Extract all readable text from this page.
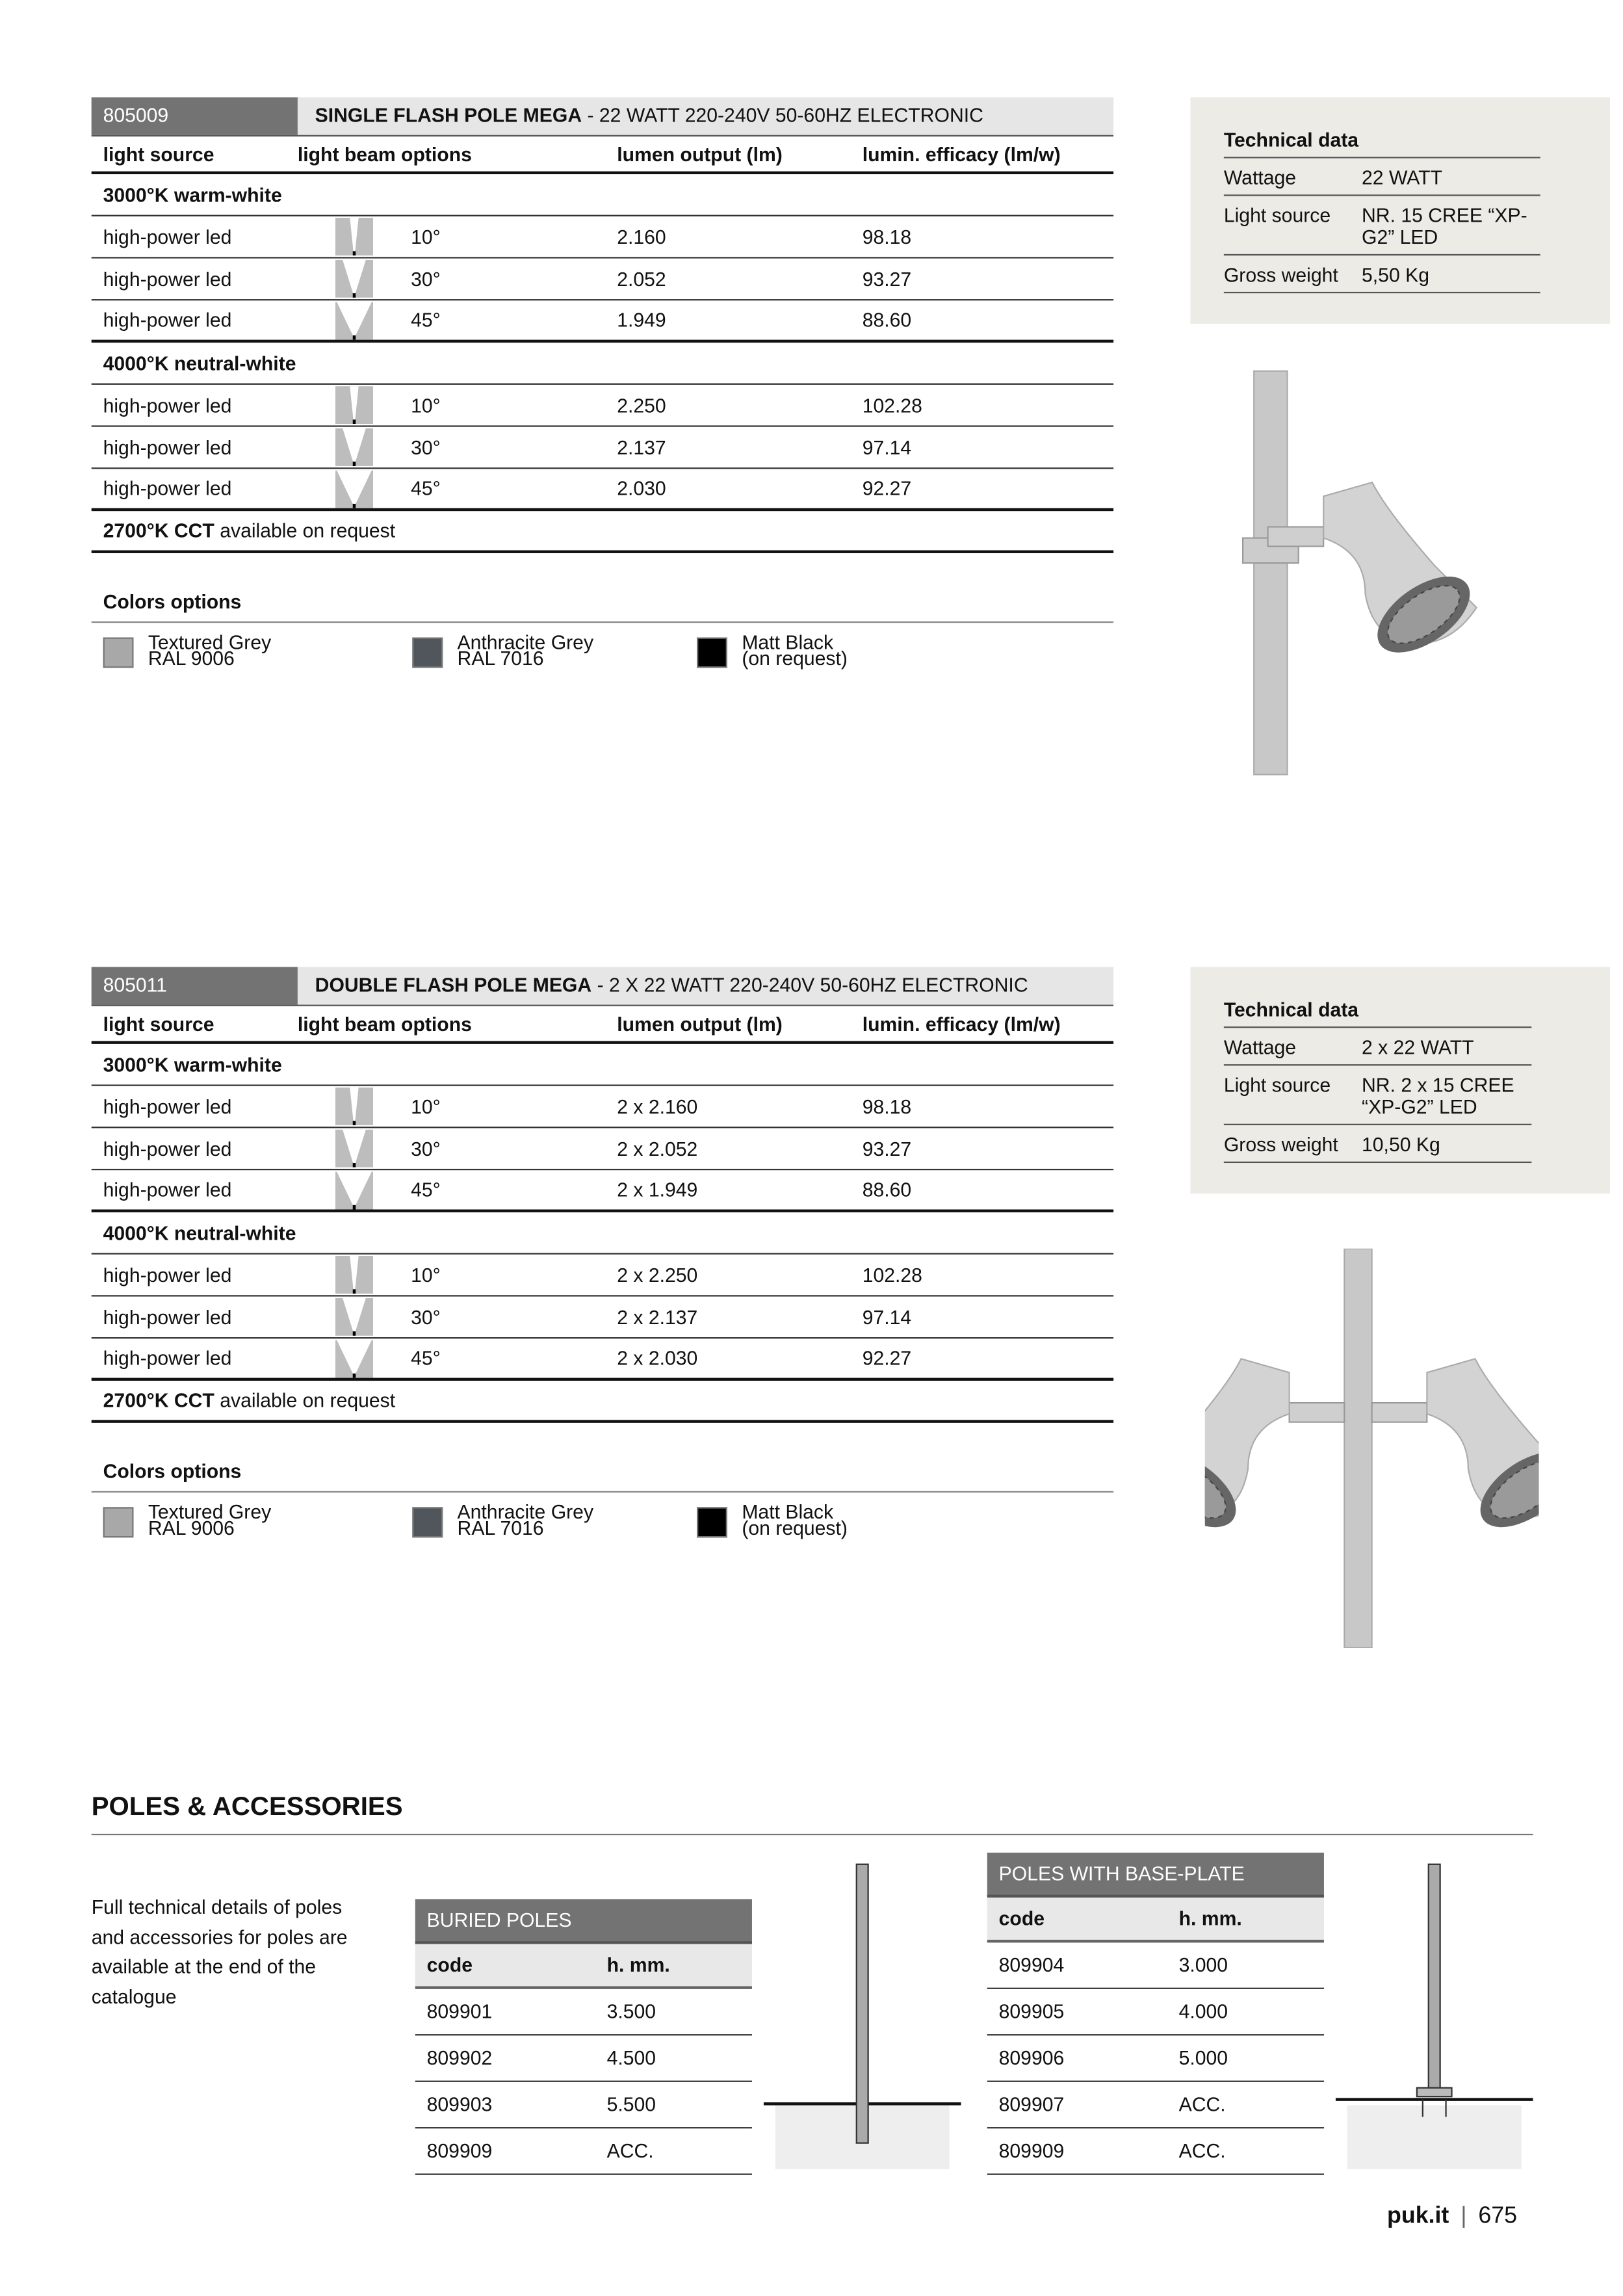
805009	SINGLE FLASH POLE MEGA - 22 WATT 220-240V 50-60HZ ELECTRONIC
light source	light beam options	lumen output (lm)	lumin. efficacy (lm/w)
3000°K warm-white
high-power led	10°	2.160	98.18
high-power led	30°	2.052	93.27
high-power led	45°	1.949	88.60
4000°K neutral-white
high-power led	10°	2.250	102.28
high-power led	30°	2.137	97.14
high-power led	45°	2.030	92.27
2700°K CCT available on request
Colors options
Textured Grey
RAL 9006
Anthracite Grey
RAL 7016
Matt Black
(on request)
Technical data
Wattage	22 WATT
Light source	NR. 15 CREE “XP-G2” LED
Gross weight	5,50 Kg
805011	DOUBLE FLASH POLE MEGA - 2 X 22 WATT 220-240V 50-60HZ ELECTRONIC
light source	light beam options	lumen output (lm)	lumin. efficacy (lm/w)
3000°K warm-white
high-power led	10°	2 x 2.160	98.18
high-power led	30°	2 x 2.052	93.27
high-power led	45°	2 x 1.949	88.60
4000°K neutral-white
high-power led	10°	2 x 2.250	102.28
high-power led	30°	2 x 2.137	97.14
high-power led	45°	2 x 2.030	92.27
2700°K CCT available on request
Colors options
Textured Grey
RAL 9006
Anthracite Grey
RAL 7016
Matt Black
(on request)
Technical data
Wattage	2 x 22 WATT
Light source	NR. 2 x 15 CREE “XP-G2” LED
Gross weight	10,50 Kg
POLES & ACCESSORIES
Full technical details of poles and accessories for poles are available at the end of the catalogue
BURIED POLES
code	h. mm.
809901	3.500
809902	4.500
809903	5.500
809909	ACC.
POLES WITH BASE-PLATE
code	h. mm.
809904	3.000
809905	4.000
809906	5.000
809907	ACC.
809909	ACC.
puk.it | 675
